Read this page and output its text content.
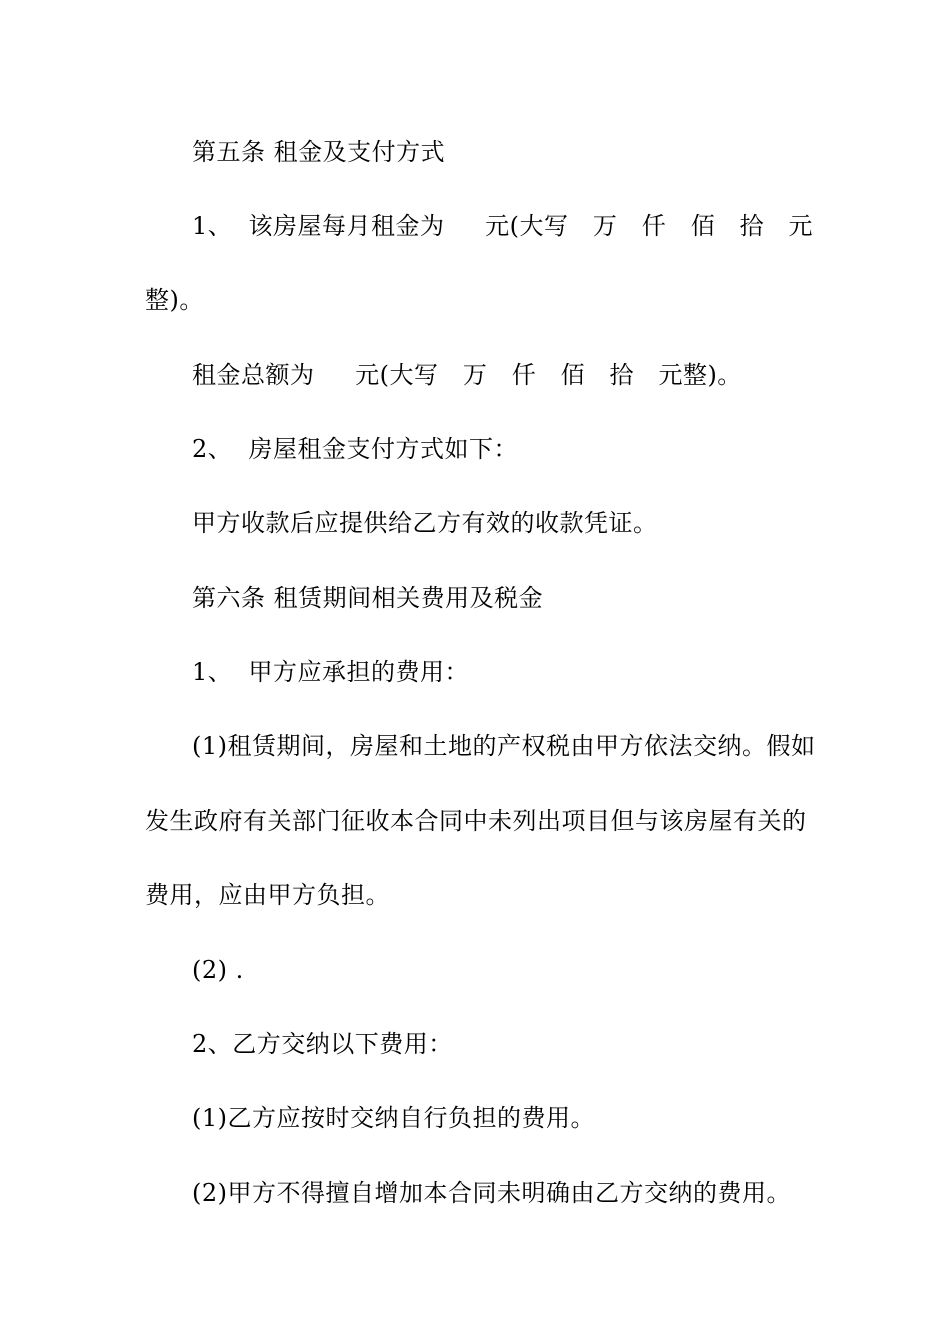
第五条 租金及支付方式
1、  该房屋每月租金为     元(大写   万   仟   佰   拾   元
整)。
租金总额为     元(大写   万   仟   佰   拾   元整)。
2、  房屋租金支付方式如下：
甲方收款后应提供给乙方有效的收款凭证。
第六条 租赁期间相关费用及税金
1、  甲方应承担的费用：
(1)租赁期间，房屋和土地的产权税由甲方依法交纳。假如
发生政府有关部门征收本合同中未列出项目但与该房屋有关的
费用，应由甲方负担。
(2) .
2、乙方交纳以下费用：
(1)乙方应按时交纳自行负担的费用。
(2)甲方不得擅自增加本合同未明确由乙方交纳的费用。
